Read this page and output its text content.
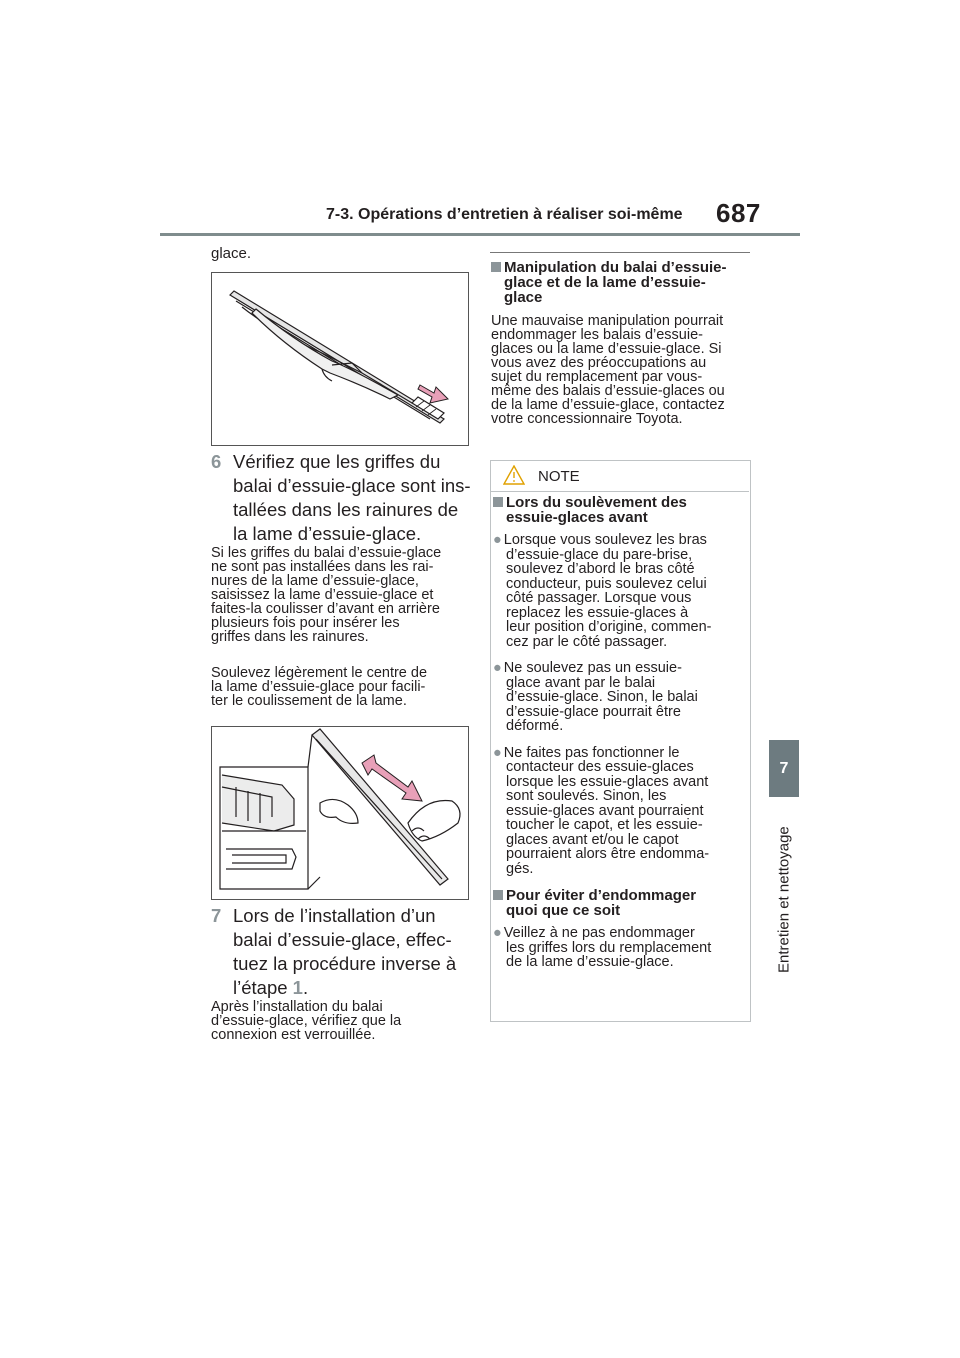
7-3. Opérations d’entretien à réaliser soi-même 687
7
Entretien et nettoyage
glace.
6 Vérifiez que les griffes du
balai d’essuie-glace sont ins-
tallées dans les rainures de
la lame d’essuie-glace.
Si les griffes du balai d’essuie-glace
ne sont pas installées dans les rai-
nures de la lame d’essuie-glace,
saisissez la lame d’essuie-glace et
faites-la coulisser d’avant en arrière
plusieurs fois pour insérer les
griffes dans les rainures.
Soulevez légèrement le centre de
la lame d’essuie-glace pour facili-
ter le coulissement de la lame.
7 Lors de l’installation d’un
balai d’essuie-glace, effec-
tuez la procédure inverse à
l’étape 1.
Après l’installation du balai
d’essuie-glace, vérifiez que la
connexion est verrouillée.
Manipulation du balai d’essuie-
glace et de la lame d’essuie-
glace
Une mauvaise manipulation pourrait
endommager les balais d’essuie-
glaces ou la lame d’essuie-glace. Si
vous avez des préoccupations au
sujet du remplacement par vous-
même des balais d’essuie-glaces ou
de la lame d’essuie-glace, contactez
votre concessionnaire Toyota.
NOTE
Lors du soulèvement des
essuie-glaces avant
● Lorsque vous soulevez les bras
d’essuie-glace du pare-brise,
soulevez d’abord le bras côté
conducteur, puis soulevez celui
côté passager. Lorsque vous
replacez les essuie-glaces à
leur position d’origine, commen-
cez par le côté passager.
● Ne soulevez pas un essuie-
glace avant par le balai
d’essuie-glace. Sinon, le balai
d’essuie-glace pourrait être
déformé.
● Ne faites pas fonctionner le
contacteur des essuie-glaces
lorsque les essuie-glaces avant
sont soulevés. Sinon, les
essuie-glaces avant pourraient
toucher le capot, et les essuie-
glaces avant et/ou le capot
pourraient alors être endomma-
gés.
Pour éviter d’endommager
quoi que ce soit
● Veillez à ne pas endommager
les griffes lors du remplacement
de la lame d’essuie-glace.
